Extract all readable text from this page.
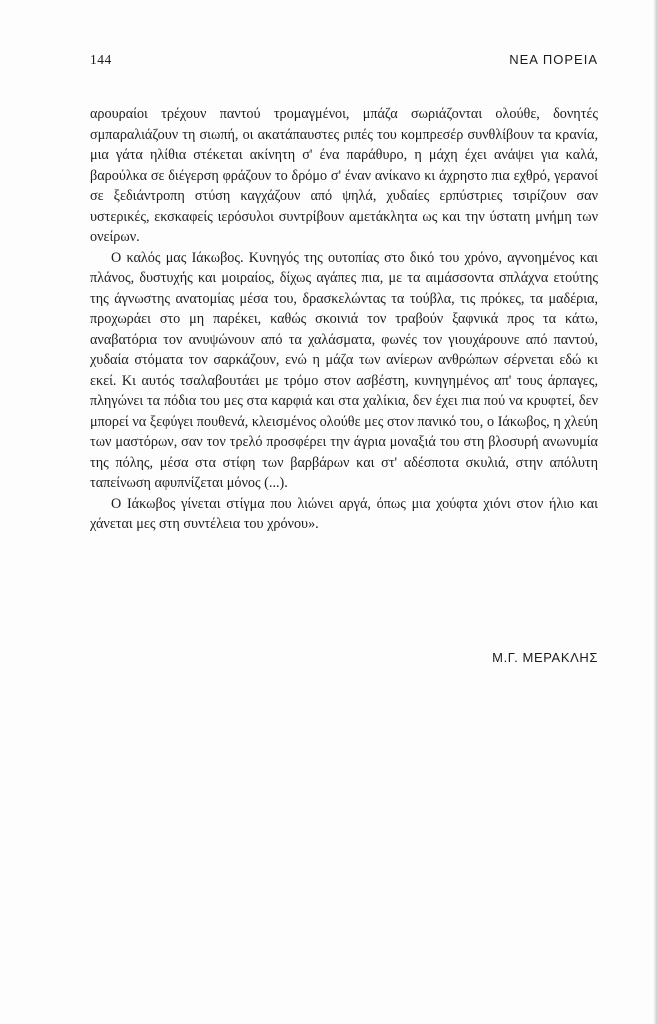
144	ΝΕΑ ΠΟΡΕΙΑ

αρουραίοι τρέχουν παντού τρομαγμένοι, μπάζα σωριάζονται ολούθε, δονητές σμπαραλιάζουν τη σιωπή, οι ακατάπαυστες ριπές του κομπρεσέρ συνθλίβουν τα κρανία, μια γάτα ηλίθια στέκεται ακίνητη σ' ένα παράθυρο, η μάχη έχει ανάψει για καλά, βαρούλκα σε διέγερση φράζουν το δρόμο σ' έναν ανίκανο κι άχρηστο πια εχθρό, γερανοί σε ξεδιάντροπη στύση καγχάζουν από ψηλά, χυδαίες ερπύστριες τσιρίζουν σαν υστερικές, εκσκαφείς ιερόσυλοι συντρίβουν αμετάκλητα ως και την ύστατη μνήμη των ονείρων.

Ο καλός μας Ιάκωβος. Κυνηγός της ουτοπίας στο δικό του χρόνο, αγνοημένος και πλάνος, δυστυχής και μοιραίος, δίχως αγάπες πια, με τα αιμάσσοντα σπλάχνα ετούτης της άγνωστης ανατομίας μέσα του, δρασκελώντας τα τούβλα, τις πρόκες, τα μαδέρια, προχωράει στο μη παρέκει, καθώς σκοινιά τον τραβούν ξαφνικά προς τα κάτω, αναβατόρια τον ανυψώνουν από τα χαλάσματα, φωνές τον γιουχάρουνε από παντού, χυδαία στόματα τον σαρκάζουν, ενώ η μάζα των ανίερων ανθρώπων σέρνεται εδώ κι εκεί. Κι αυτός τσαλαβουτάει με τρόμο στον ασβέστη, κυνηγημένος απ' τους άρπαγες, πληγώνει τα πόδια του μες στα καρφιά και στα χαλίκια, δεν έχει πια πού να κρυφτεί, δεν μπορεί να ξεφύγει πουθενά, κλεισμένος ολούθε μες στον πανικό του, ο Ιάκωβος, η χλεύη των μαστόρων, σαν τον τρελό προσφέρει την άγρια μοναξιά του στη βλοσυρή ανωνυμία της πόλης, μέσα στα στίφη των βαρβάρων και στ' αδέσποτα σκυλιά, στην απόλυτη ταπείνωση αφυπνίζεται μόνος (...).

Ο Ιάκωβος γίνεται στίγμα που λιώνει αργά, όπως μια χούφτα χιόνι στον ήλιο και χάνεται μες στη συντέλεια του χρόνου».

Μ.Γ. ΜΕΡΑΚΛΗΣ
